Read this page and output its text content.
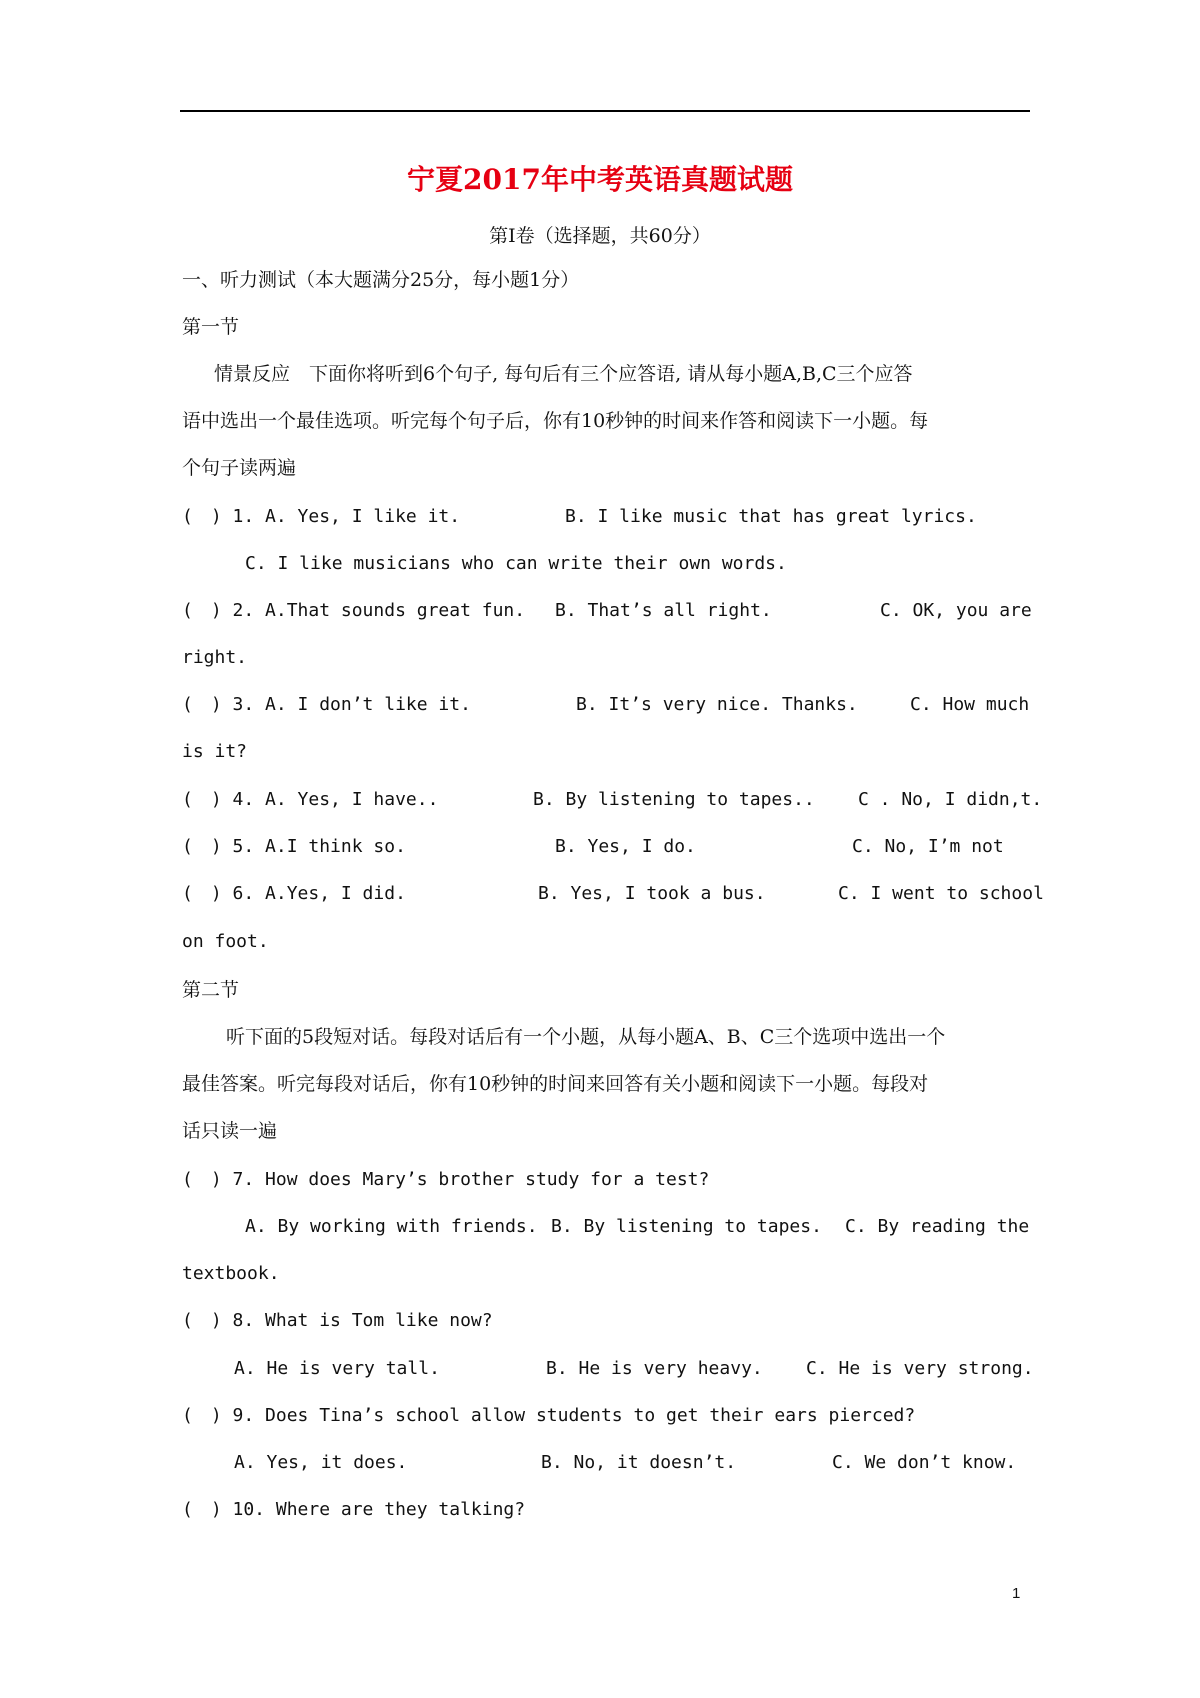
宁夏2017年中考英语真题试题
第Ⅰ卷（选择题，共60分）
一、听力测试（本大题满分25分，每小题1分）
第一节
情景反应　下面你将听到6个句子, 每句后有三个应答语, 请从每小题A,B,C三个应答
语中选出一个最佳选项。听完每个句子后，你有10秒钟的时间来作答和阅读下一小题。每
个句子读两遍
(　) 1. A. Yes, I like it.	B. I like music that has great lyrics.
C. I like musicians who can write their own words.
(　) 2. A.That sounds great fun. B. That’s all right.	C. OK, you are
right.
(　) 3. A. I don’t like it.	B. It’s very nice. Thanks.	C. How much
is it?
(　) 4. A. Yes, I have..	B. By listening to tapes.. C . No, I didn,t.
(　) 5. A.I think so.	B. Yes, I do.	C. No, I’m not
(　) 6. A.Yes, I did.	B. Yes, I took a bus.	C. I went to school
on foot.
第二节
听下面的5段短对话。每段对话后有一个小题，从每小题A、B、C三个选项中选出一个
最佳答案。听完每段对话后，你有10秒钟的时间来回答有关小题和阅读下一小题。每段对
话只读一遍
(　) 7. How does Mary’s brother study for a test?
A. By working with friends. B. By listening to tapes. C. By reading the
textbook.
(　) 8. What is Tom like now?
A. He is very tall.	B. He is very heavy. C. He is very strong.
(　) 9. Does Tina’s school allow students to get their ears pierced?
A. Yes, it does.	B. No, it doesn’t.	C. We don’t know.
(　) 10. Where are they talking?
1
